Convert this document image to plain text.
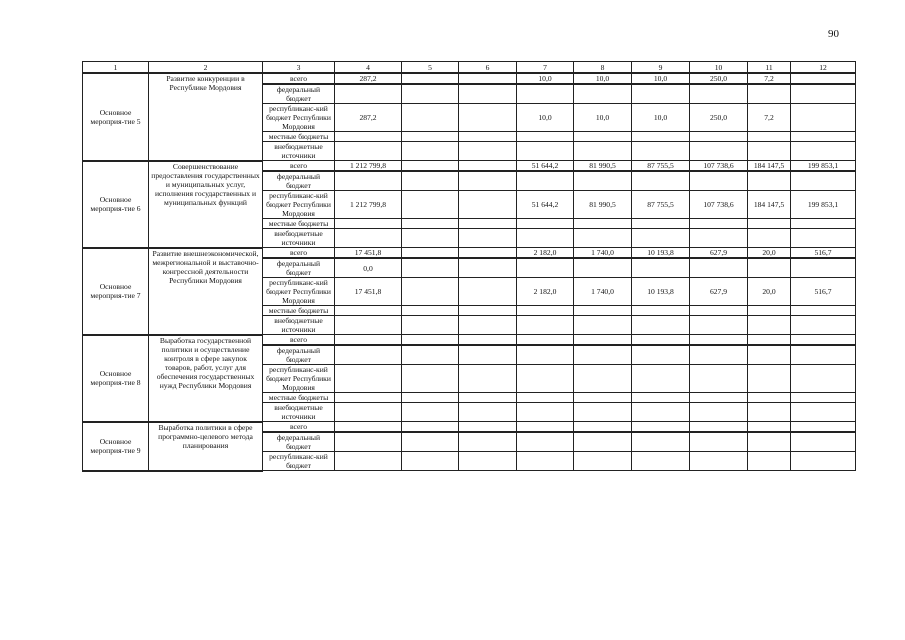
90
1	2	3	4	5	6	7	8	9	10	11	12
Основное мероприя-тие 5	Развитие конкуренции в Республике Мордовия	всего	287,2			10,0	10,0	10,0	250,0	7,2	
		федеральный бюджет									
		республиканс-кий бюджет Республики Мордовия	287,2			10,0	10,0	10,0	250,0	7,2	
		местные бюджеты									
		внебюджетные источники									
Основное мероприя-тие 6	Совершенствование предоставления государственных и муниципальных услуг, исполнения государственных и муниципальных функций	всего	1 212 799,8			51 644,2	81 990,5	87 755,5	107 738,6	184 147,5	199 853,1
		федеральный бюджет									
		республиканс-кий бюджет Республики Мордовия	1 212 799,8			51 644,2	81 990,5	87 755,5	107 738,6	184 147,5	199 853,1
		местные бюджеты									
		внебюджетные источники									
Основное мероприя-тие 7	Развитие внешнеэкономической, межрегиональной и выставочно-конгрессной деятельности Республики Мордовия	всего	17 451,8			2 182,0	1 740,0	10 193,8	627,9	20,0	516,7
		федеральный бюджет	0,0								
		республиканс-кий бюджет Республики Мордовия	17 451,8			2 182,0	1 740,0	10 193,8	627,9	20,0	516,7
		местные бюджеты									
		внебюджетные источники									
Основное мероприя-тие 8	Выработка государственной политики и осуществление контроля в сфере закупок товаров, работ, услуг для обеспечения государственных нужд Республики Мордовия	всего									
		федеральный бюджет									
		республиканс-кий бюджет Республики Мордовия									
		местные бюджеты									
		внебюджетные источники									
Основное мероприя-тие 9	Выработка политики в сфере программно-целевого метода планирования	всего									
		федеральный бюджет									
		республиканс-кий бюджет									
